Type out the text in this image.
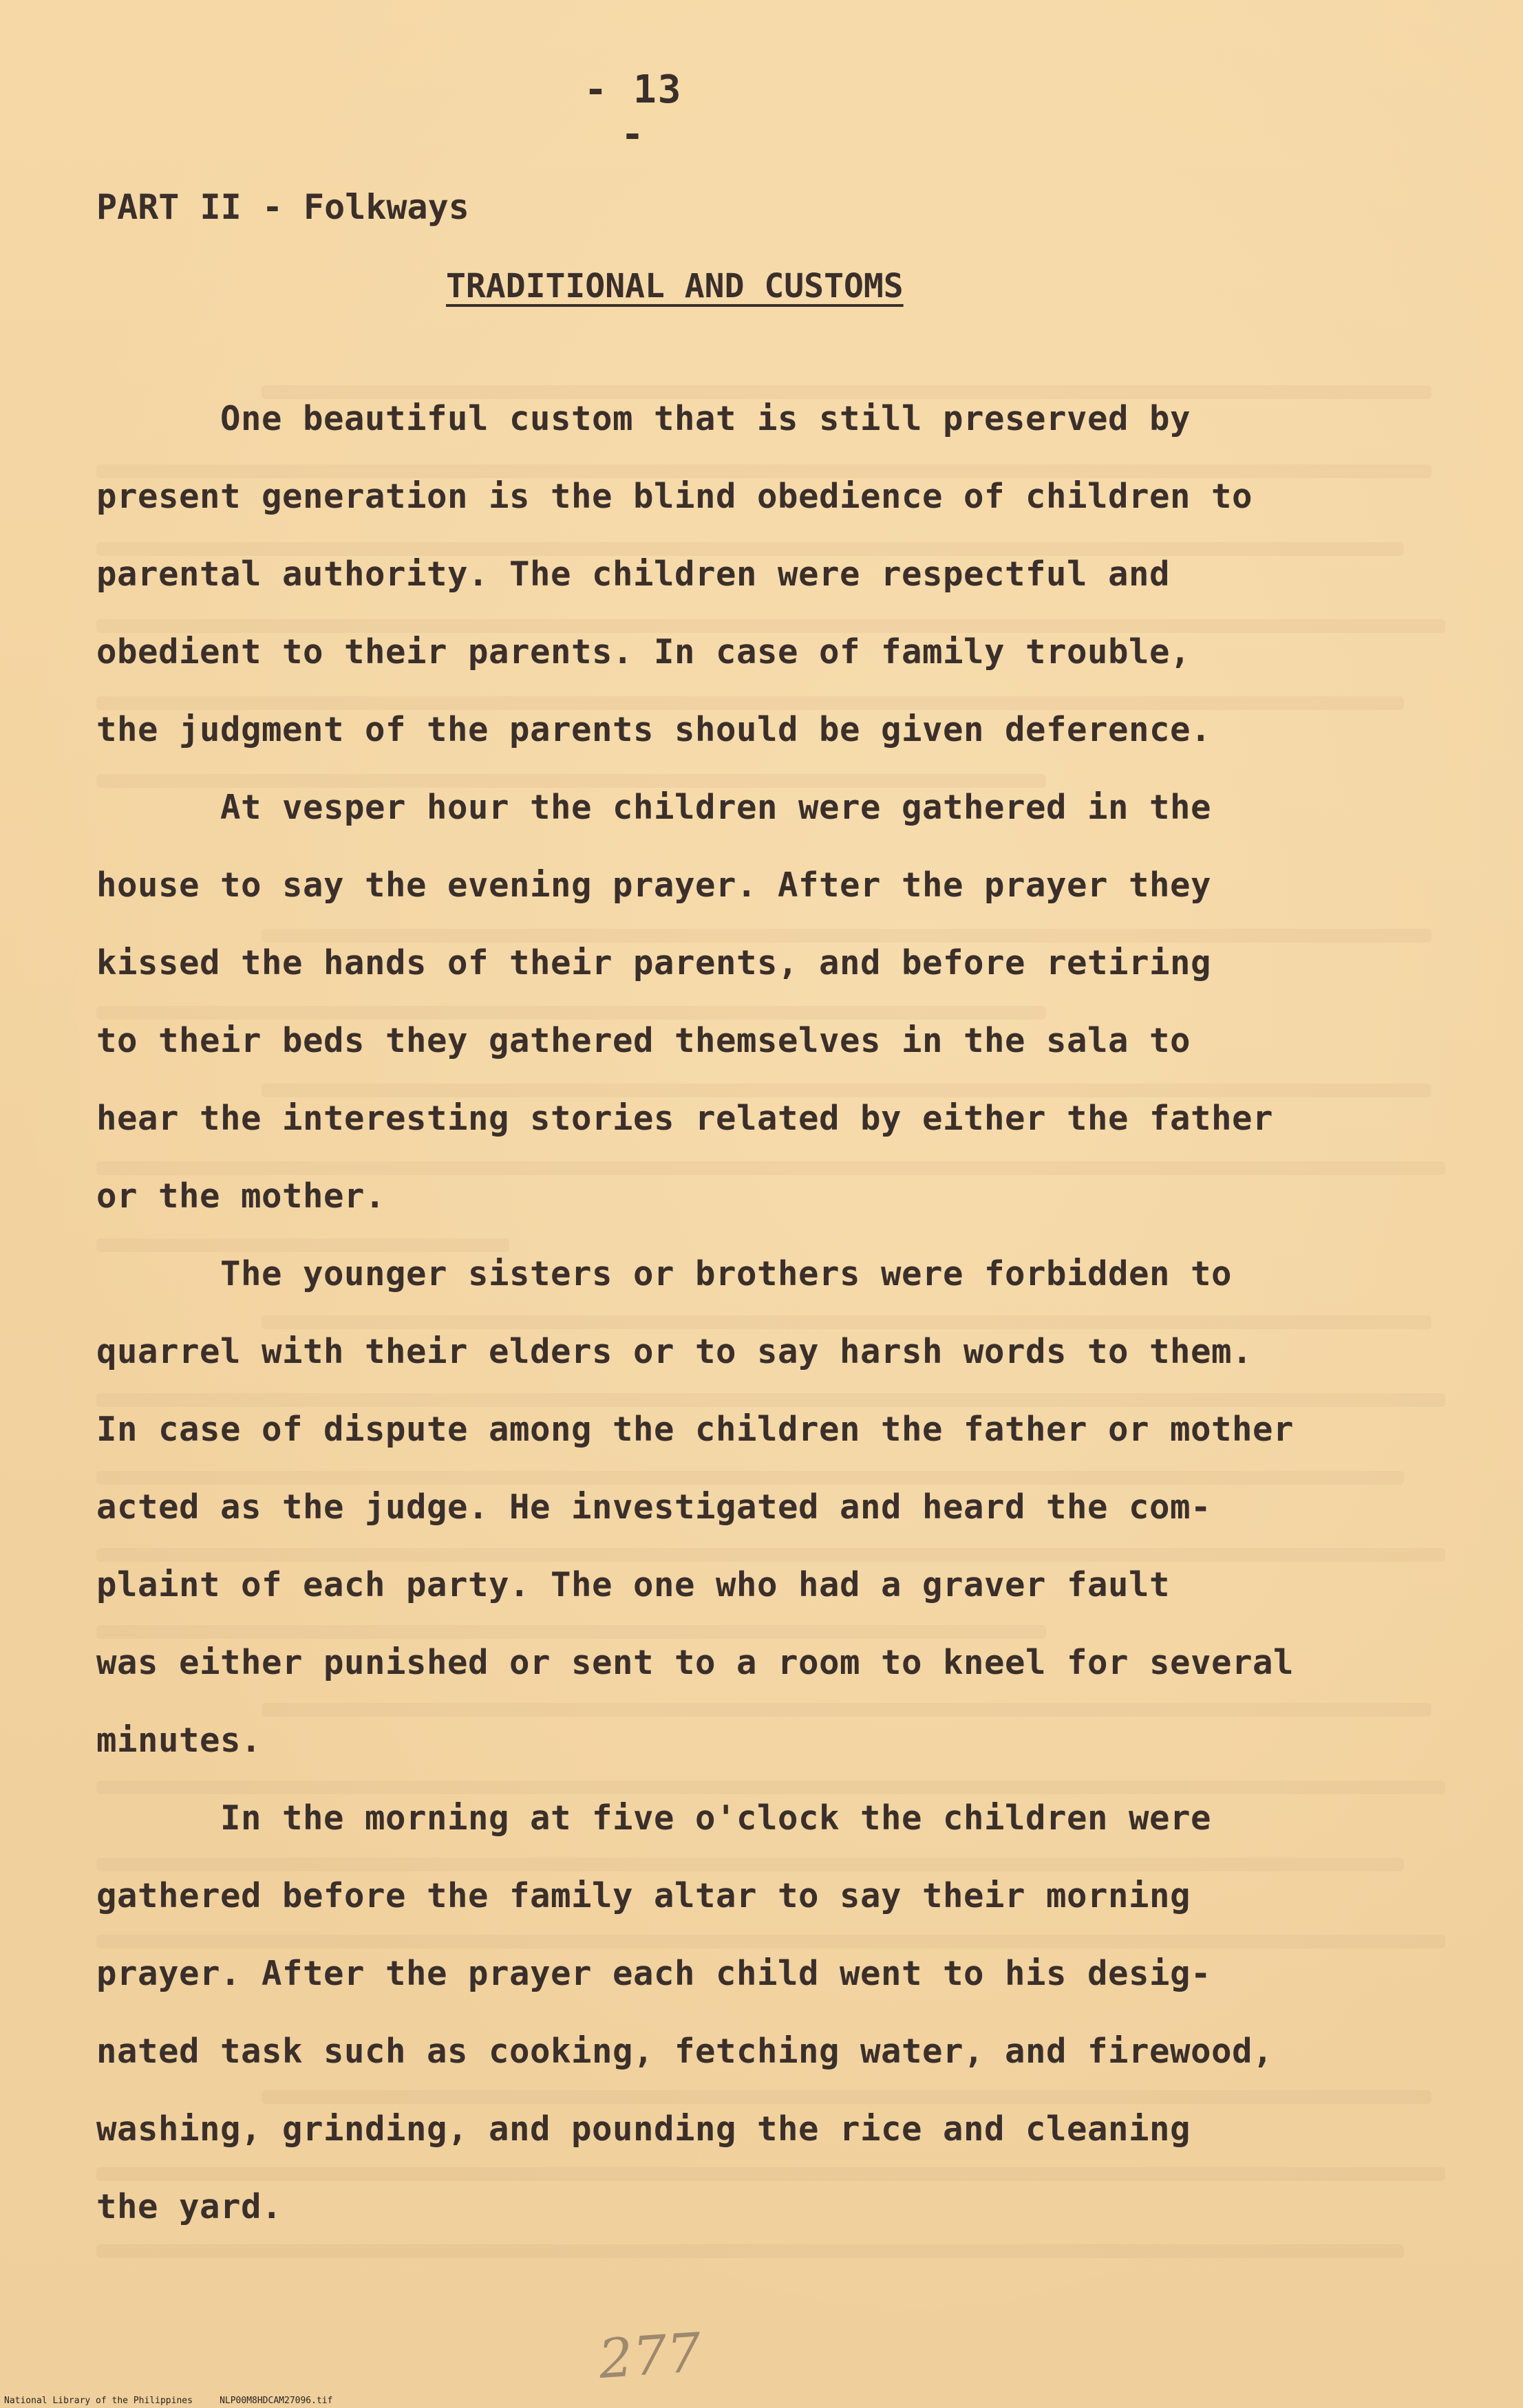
- 13 -
PART II - Folkways
TRADITIONAL AND CUSTOMS
One beautiful custom that is still preserved by
present generation is the blind obedience of children to
parental authority. The children were respectful and
obedient to their parents. In case of family trouble,
the judgment of the parents should be given deference.
At vesper hour the children were gathered in the
house to say the evening prayer. After the prayer they
kissed the hands of their parents, and before retiring
to their beds they gathered themselves in the sala to
hear the interesting stories related by either the father
or the mother.
The younger sisters or brothers were forbidden to
quarrel with their elders or to say harsh words to them.
In case of dispute among the children the father or mother
acted as the judge. He investigated and heard the com-
plaint of each party. The one who had a graver fault
was either punished or sent to a room to kneel for several
minutes.
In the morning at five o'clock the children were
gathered before the family altar to say their morning
prayer. After the prayer each child went to his desig-
nated task such as cooking, fetching water, and firewood,
washing, grinding, and pounding the rice and cleaning
the yard.
277
National Library of the Philippines     NLP00M8HDCAM27096.tif
